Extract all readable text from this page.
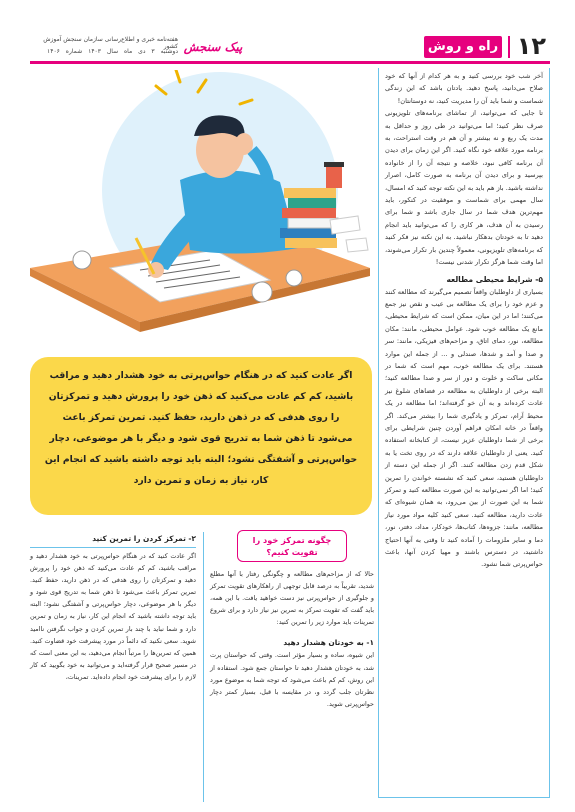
۱۲
راه و روش
پیک سنجش
هفته‌نامه خبری و اطلاع‌رسانی سازمان سنجش آموزش کشور
دوشنبه ۳ دی ماه سال ۱۴۰۳ شماره ۱۴۰۶

آخر شب خود بررسی کنید و به هر کدام از آنها که خود صلاح می‌دانید، پاسخ دهید. یادتان باشد که این زندگی شماست و شما باید آن را مدیریت کنید، نه دوستانتان!

تا جایی که می‌توانید، از تماشای برنامه‌های تلویزیونی صرف نظر کنید؛ اما می‌توانید در طی روز و حداقل به مدت یک ربع و نه بیشتر و آن هم در وقت استراحت، به برنامه مورد علاقه خود نگاه کنید. اگر این زمان برای دیدن آن برنامه کافی نبود، خلاصه و نتیجه آن را از خانواده بپرسید و برای دیدن آن برنامه به صورت کامل، اصرار نداشته باشید. باز هم باید به این نکته توجه کنید که امسال، سال مهمی برای شماست و موفقیت در کنکور، باید مهم‌ترین هدف شما در سال جاری باشد و شما برای رسیدن به آن هدف، هر کاری را که می‌توانید باید انجام دهید تا به خودتان بدهکار نباشید. به این نکته نیز فکر کنید که برنامه‌های تلویزیونی، معمولاً چندین بار تکرار می‌شوند، اما وقت شما هرگز تکرار شدنی نیست!

۵- شرایط محیطی مطالعه

بسیاری از داوطلبان واقعاً تصمیم می‌گیرند که مطالعه کنند و عزم خود را برای یک مطالعه بی عیب و نقص نیز جمع می‌کنند؛ اما در این میان، ممکن است که شرایط محیطی، مانع یک مطالعه خوب شود. عوامل محیطی، مانند: مکان مطالعه، نور، دمای اتاق، و مزاحم‌های فیزیکی، مانند: سر و صدا و آمد و شدها، صندلی و ... از جمله این موارد هستند. برای یک مطالعه خوب، مهم است که شما در مکانی ساکت و خلوت و دور از سر و صدا مطالعه کنید؛ البته برخی از داوطلبان به مطالعه در فضاهای شلوغ نیز عادت کرده‌اند و به آن خو گرفته‌اند؛ اما مطالعه در یک محیط آرام، تمرکز و یادگیری شما را بیشتر می‌کند. اگر واقعاً در خانه امکان فراهم آوردن چنین شرایطی برای برخی از شما داوطلبان عزیز نیست، از کتابخانه استفاده کنید. یعنی از داوطلبان علاقه دارند که در روی تخت یا به شکل قدم زدن مطالعه کنند. اگر از جمله این دسته از داوطلبان هستید، سعی کنید که نشسته خواندن را تمرین کنید؛ اما اگر نمی‌توانید به این صورت مطالعه کنید و تمرکز شما به این صورت از بین می‌رود، به همان شیوه‌ای که عادت دارید، مطالعه کنید. سعی کنید کلیه مواد مورد نیاز مطالعه، مانند: جزوه‌ها، کتاب‌ها، خودکار، مداد، دفتر، نور، دما و سایر ملزومات را آماده کنید تا وقتی به آنها احتیاج داشتید، در دسترس باشند و مهیا کردن آنها، باعث حواس‌پرتی شما نشود.

اگر عادت کنید که در هنگام حواس‌پرتی به خود هشدار دهید و مراقب باشید، کم کم عادت می‌کنید که ذهن خود را پرورش دهید و تمرکزتان را روی هدفی که در ذهن دارید، حفظ کنید. تمرین تمرکز باعث می‌شود تا ذهن شما به تدریج قوی شود و دیگر با هر موضوعی، دچار حواس‌پرتی و آشفتگی نشود؛ البته باید توجه داشته باشید که انجام این کار، نیاز به زمان و تمرین دارد

۲- تمرکز کردن را تمرین کنید

اگر عادت کنید که در هنگام حواس‌پرتی به خود هشدار دهید و مراقب باشید، کم کم عادت می‌کنید که ذهن خود را پرورش دهید و تمرکزتان را روی هدفی که در ذهن دارید، حفظ کنید. تمرین تمرکز باعث می‌شود تا ذهن شما به تدریج قوی شود و دیگر با هر موضوعی، دچار حواس‌پرتی و آشفتگی نشود؛ البته باید توجه داشته باشید که انجام این کار، نیاز به زمان و تمرین دارد و شما نباید با چند بار تمرین کردن و جواب نگرفتن ناامید شوید. سعی نکنید که دائماً در مورد پیشرفت خود قضاوت کنید. همین که تمرین‌ها را مرتباً انجام می‌دهید، به این معنی است که در مسیر صحیح قرار گرفته‌اید و می‌توانید به خود بگویید که کار لازم را برای پیشرفت خود انجام داده‌اید. تمرینات،

چگونه تمرکز خود را تقویت کنیم؟

حالا که از مزاحم‌های مطالعه و چگونگی رفتار با آنها مطلع شدید، تقریباً به درصد قابل توجهی از راهکارهای تقویت تمرکز و جلوگیری از حواس‌پرتی نیز دست خواهید یافت. با این همه، باید گفت که تقویت تمرکز به تمرین نیز نیاز دارد و برای شروع تمرینات باید موارد زیر را تمرین کنید:

۱- به خودتان هشدار دهید

این شیوه، ساده و بسیار مؤثر است. وقتی که حواستان پرت شد، به خودتان هشدار دهید تا حواستان جمع شود. استفاده از این روش، کم کم باعث می‌شود که توجه شما به موضوع مورد نظرتان جلب گردد و، در مقایسه با قبل، بسیار کمتر دچار حواس‌پرتی شوید.
